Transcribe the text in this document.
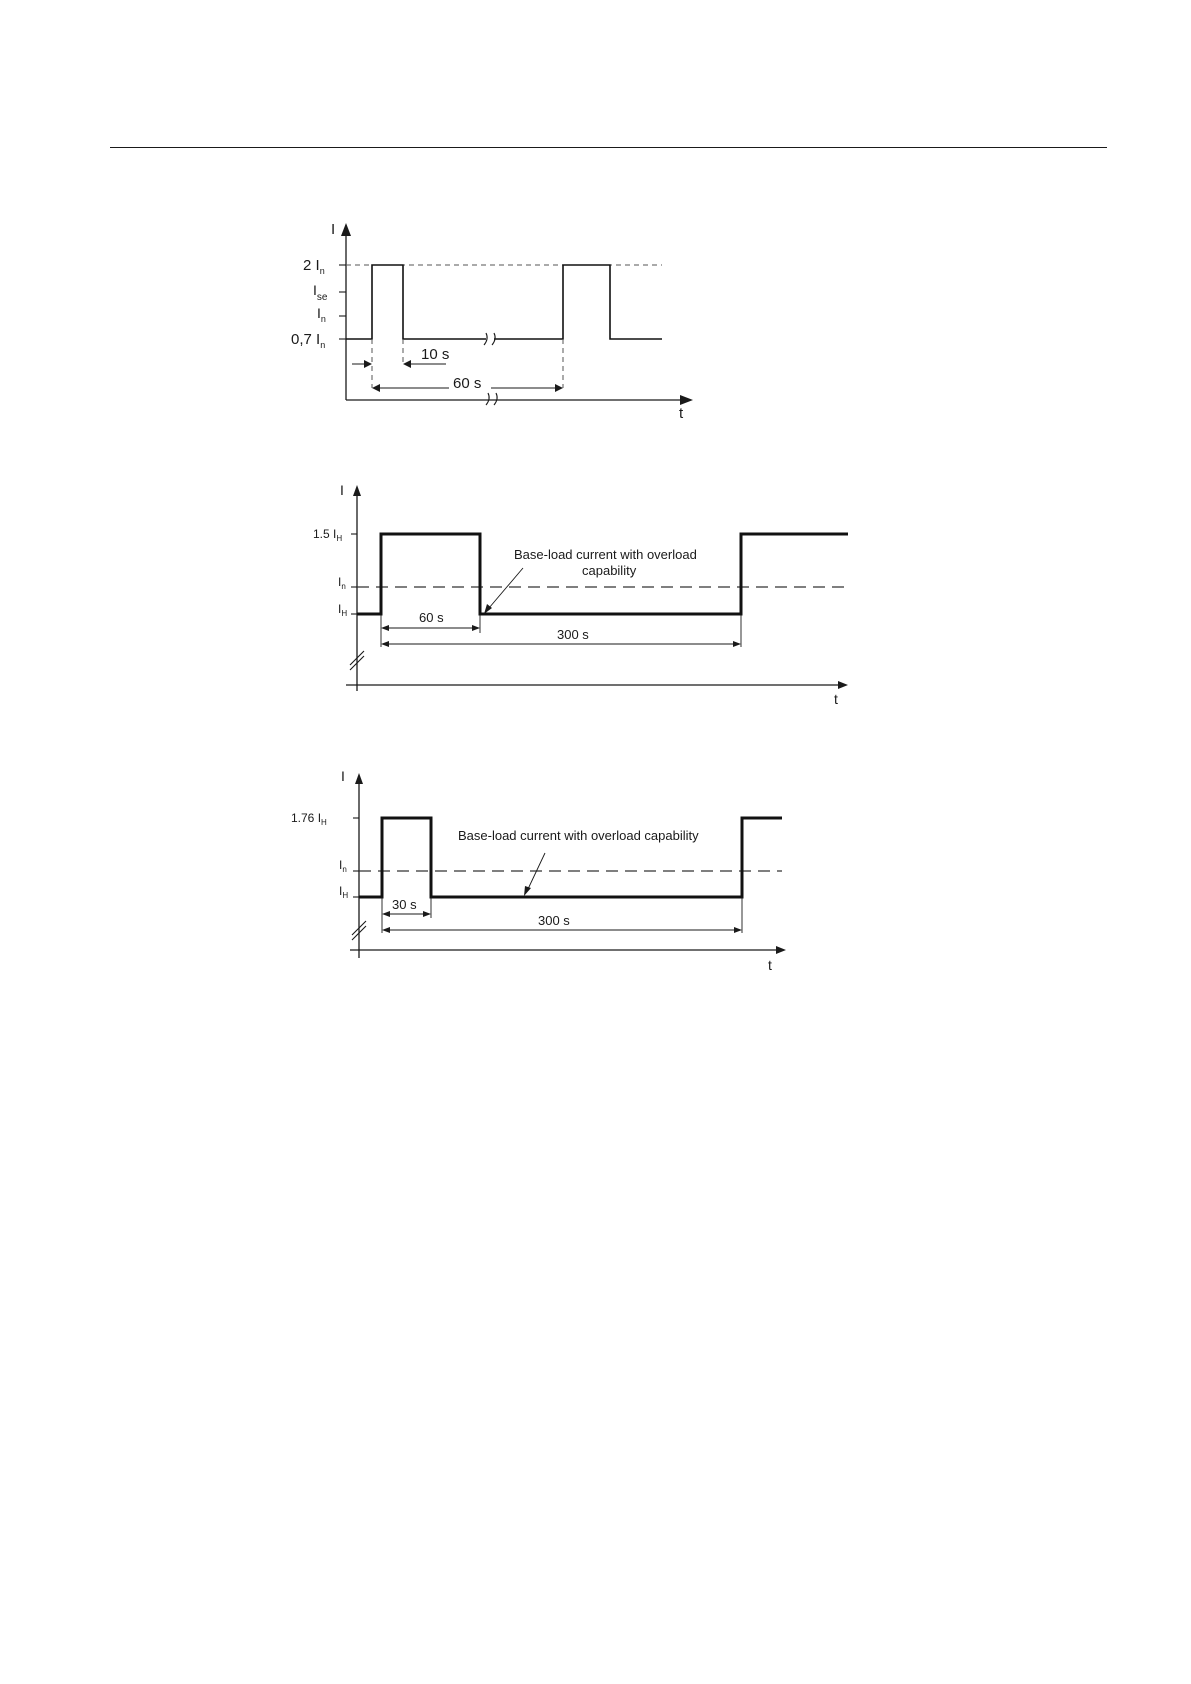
I
t
2 $I_n$
$I_{se}$
$I_n$
0,7 $I_n$
10 s
60 s
I
t
1.5 $I_H$
$I_n$
$I_H$	60 s
300 s
Base-load current with overload
capability
I
t
1.76 $I_H$
$I_n$
$I_H$
30 s
300 s
Base-load current with overload capability
